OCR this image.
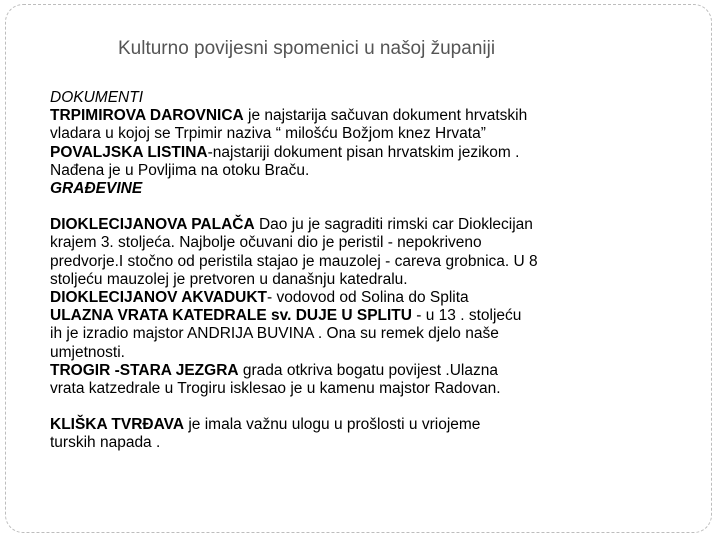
Kulturno povijesni spomenici u našoj županiji
DOKUMENTI
TRPIMIROVA DAROVNICA je najstarija sačuvan dokument hrvatskih
vladara u kojoj se Trpimir naziva “ milošću Božjom knez Hrvata”
POVALJSKA LISTINA-najstariji dokument pisan hrvatskim jezikom .
Nađena je u Povljima na otoku Braču.
GRAĐEVINE
DIOKLECIJANOVA PALAČA Dao ju je sagraditi rimski car Dioklecijan
krajem 3. stoljeća. Najbolje očuvani dio je peristil - nepokriveno
predvorje.I stočno od peristila stajao je mauzolej - careva grobnica. U 8
stoljeću mauzolej je pretvoren u današnju katedralu.
DIOKLECIJANOV AKVADUKT- vodovod od Solina do Splita
ULAZNA VRATA KATEDRALE sv. DUJE U SPLITU - u 13 . stoljeću
ih je izradio majstor ANDRIJA BUVINA . Ona su remek djelo naše
umjetnosti.
TROGIR -STARA JEZGRA grada otkriva bogatu povijest .Ulazna
vrata katzedrale u Trogiru isklesao je u kamenu majstor Radovan.
KLIŠKA TVRĐAVA je imala važnu ulogu u prošlosti u vriojeme
turskih napada .
